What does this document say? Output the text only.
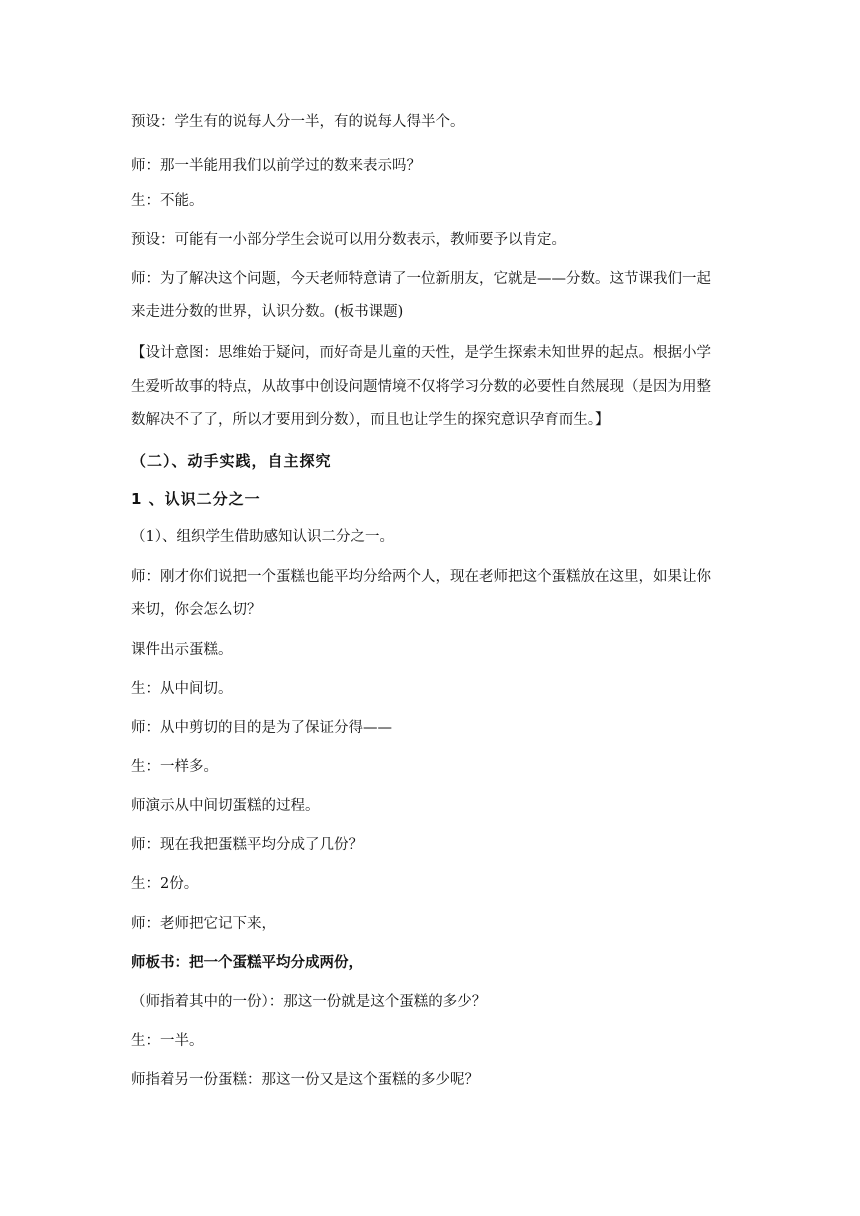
预设：学生有的说每人分一半，有的说每人得半个。
师：那一半能用我们以前学过的数来表示吗？
生：不能。
预设：可能有一小部分学生会说可以用分数表示，教师要予以肯定。
师：为了解决这个问题，今天老师特意请了一位新朋友，它就是——分数。这节课我们一起
来走进分数的世界，认识分数。(板书课题)
【设计意图：思维始于疑问，而好奇是儿童的天性，是学生探索未知世界的起点。根据小学
生爱听故事的特点，从故事中创设问题情境不仅将学习分数的必要性自然展现（是因为用整
数解决不了了，所以才要用到分数），而且也让学生的探究意识孕育而生。】
（二）、动手实践，自主探究
1 、认识二分之一
（1）、组织学生借助感知认识二分之一。
师：刚才你们说把一个蛋糕也能平均分给两个人，现在老师把这个蛋糕放在这里，如果让你
来切，你会怎么切？
课件出示蛋糕。
生：从中间切。
师：从中剪切的目的是为了保证分得——
生：一样多。
师演示从中间切蛋糕的过程。
师：现在我把蛋糕平均分成了几份？
生：2份。
师：老师把它记下来，
师板书：把一个蛋糕平均分成两份，
（师指着其中的一份）：那这一份就是这个蛋糕的多少？
生：一半。
师指着另一份蛋糕：那这一份又是这个蛋糕的多少呢？
